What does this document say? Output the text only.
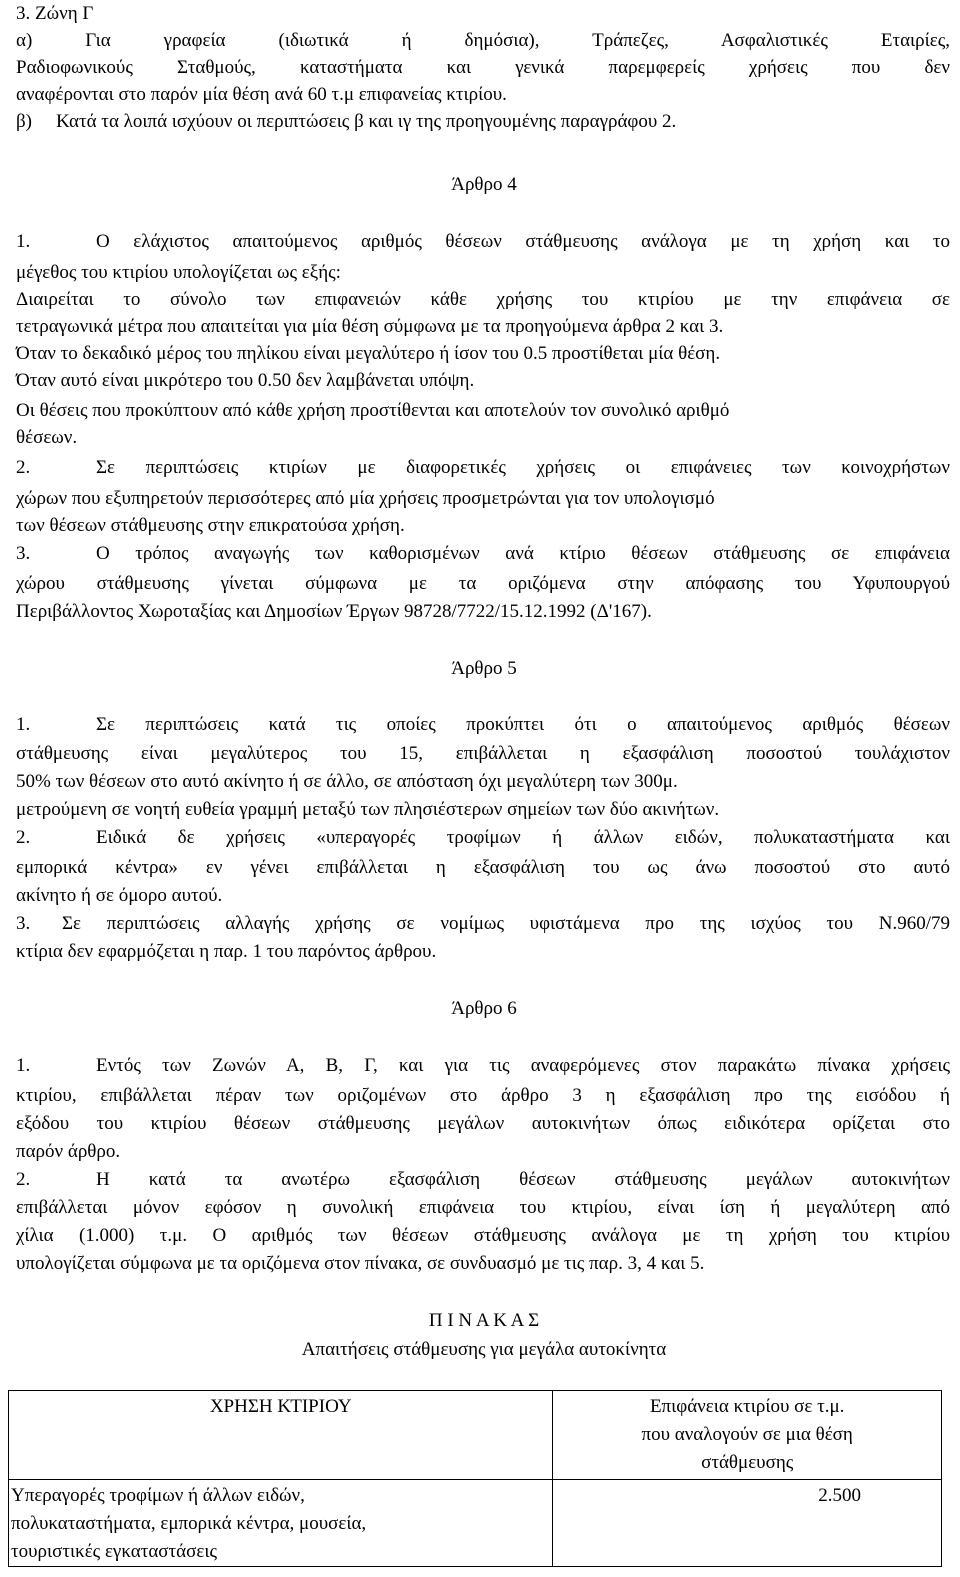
3. Ζώνη Γ
α)	Για γραφεία (ιδιωτικά ή δημόσια), Τράπεζες, Ασφαλιστικές Εταιρίες,
Ραδιοφωνικούς Σταθμούς, καταστήματα και γενικά παρεμφερείς χρήσεις που δεν
αναφέρονται στο παρόν μία θέση ανά 60 τ.μ επιφανείας κτιρίου.
β) Κατά τα λοιπά ισχύουν οι περιπτώσεις β και ιγ της προηγουμένης παραγράφου 2.
Άρθρο 4
1.	Ο ελάχιστος απαιτούμενος αριθμός θέσεων στάθμευσης ανάλογα με τη χρήση και το
μέγεθος του κτιρίου υπολογίζεται ως εξής:
Διαιρείται το σύνολο των επιφανειών κάθε χρήσης του κτιρίου με την επιφάνεια σε
τετραγωνικά μέτρα που απαιτείται για μία θέση σύμφωνα με τα προηγούμενα άρθρα 2 και 3.
Όταν το δεκαδικό μέρος του πηλίκου είναι μεγαλύτερο ή ίσον του 0.5 προστίθεται μία θέση.
Όταν αυτό είναι μικρότερο του 0.50 δεν λαμβάνεται υπόψη.
Οι θέσεις που προκύπτουν από κάθε χρήση προστίθενται και αποτελούν τον συνολικό αριθμό
θέσεων.
2.	Σε περιπτώσεις κτιρίων με διαφορετικές χρήσεις οι επιφάνειες των κοινοχρήστων
χώρων που εξυπηρετούν περισσότερες από μία χρήσεις προσμετρώνται για τον υπολογισμό
των θέσεων στάθμευσης στην επικρατούσα χρήση.
3.	Ο τρόπος αναγωγής των καθορισμένων ανά κτίριο θέσεων στάθμευσης σε επιφάνεια
χώρου στάθμευσης γίνεται σύμφωνα με τα οριζόμενα στην απόφασης του Υφυπουργού
Περιβάλλοντος Χωροταξίας και Δημοσίων Έργων 98728/7722/15.12.1992 (Δ'167).
Άρθρο 5
1.	Σε περιπτώσεις κατά τις οποίες προκύπτει ότι ο απαιτούμενος αριθμός θέσεων
στάθμευσης είναι μεγαλύτερος του 15, επιβάλλεται η εξασφάλιση ποσοστού τουλάχιστον
50% των θέσεων στο αυτό ακίνητο ή σε άλλο, σε απόσταση όχι μεγαλύτερη των 300μ.
μετρούμενη σε νοητή ευθεία γραμμή μεταξύ των πλησιέστερων σημείων των δύο ακινήτων.
2.	Ειδικά δε χρήσεις «υπεραγορές τροφίμων ή άλλων ειδών, πολυκαταστήματα και
εμπορικά κέντρα» εν γένει επιβάλλεται η εξασφάλιση του ως άνω ποσοστού στο αυτό
ακίνητο ή σε όμορο αυτού.
3. Σε περιπτώσεις αλλαγής χρήσης σε νομίμως υφιστάμενα προ της ισχύος του Ν.960/79
κτίρια δεν εφαρμόζεται η παρ. 1 του παρόντος άρθρου.
Άρθρο 6
1.	Εντός των Ζωνών Α, Β, Γ, και για τις αναφερόμενες στον παρακάτω πίνακα χρήσεις
κτιρίου, επιβάλλεται πέραν των οριζομένων στο άρθρο 3 η εξασφάλιση προ της εισόδου ή
εξόδου του κτιρίου θέσεων στάθμευσης μεγάλων αυτοκινήτων όπως ειδικότερα ορίζεται στο
παρόν άρθρο.
2.	Η κατά τα ανωτέρω εξασφάλιση θέσεων στάθμευσης μεγάλων αυτοκινήτων
επιβάλλεται μόνον εφόσον η συνολική επιφάνεια του κτιρίου, είναι ίση ή μεγαλύτερη από
χίλια (1.000) τ.μ. Ο αριθμός των θέσεων στάθμευσης ανάλογα με τη χρήση του κτιρίου
υπολογίζεται σύμφωνα με τα οριζόμενα στον πίνακα, σε συνδυασμό με τις παρ. 3, 4 και 5.
Π Ι Ν Α Κ Α Σ
Απαιτήσεις στάθμευσης για μεγάλα αυτοκίνητα
ΧΡΗΣΗ ΚΤΙΡΙΟΥ	Επιφάνεια κτιρίου σε τ.μ.
που αναλογούν σε μια θέση
στάθμευσης

Υπεραγορές τροφίμων ή άλλων ειδών,
πολυκαταστήματα, εμπορικά κέντρα, μουσεία,
τουριστικές εγκαταστάσεις	2.500
